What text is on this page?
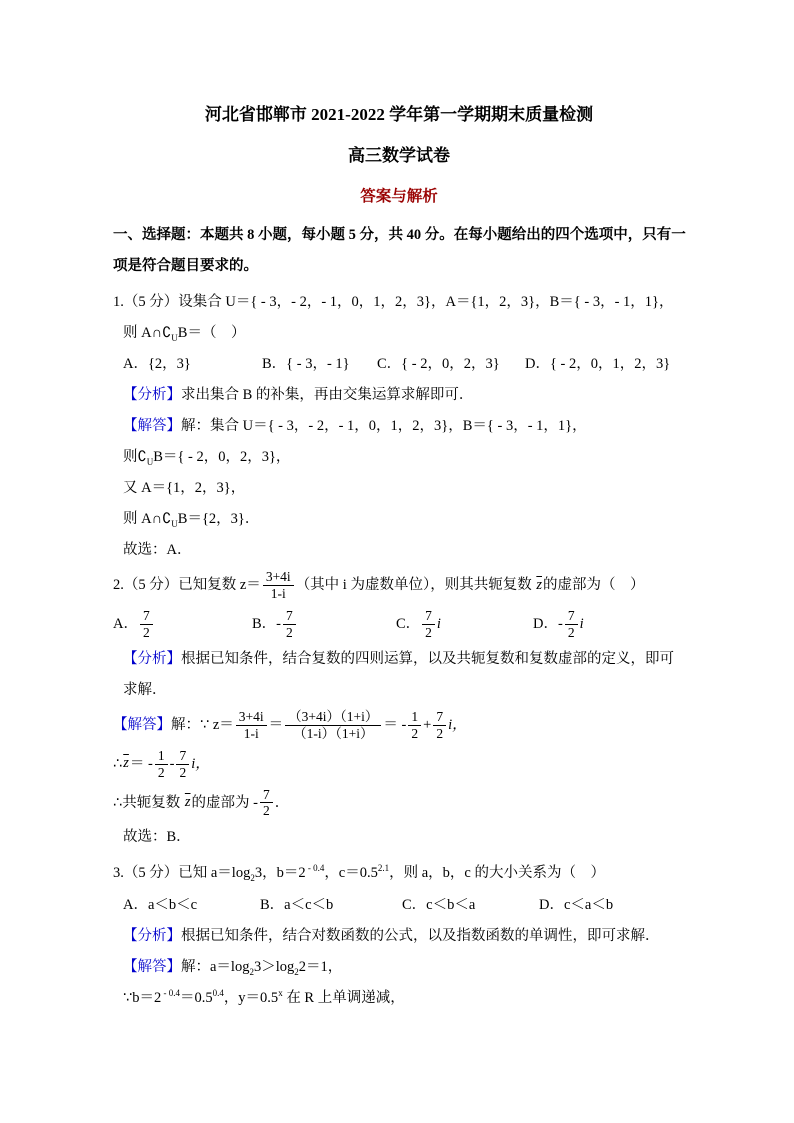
河北省邯郸市 2021-2022 学年第一学期期末质量检测

高三数学试卷

答案与解析

一、选择题：本题共 8 小题，每小题 5 分，共 40 分。在每小题给出的四个选项中，只有一

项是符合题目要求的。

1.（5 分）设集合 U＝{ - 3，- 2，- 1，0，1，2，3}，A＝{1，2，3}，B＝{ - 3，- 1，1}，

则 $A\cap∁_UB=$（    ）

A．{2，3}	B．{ - 3，- 1} C．{ - 2，0，2，3} D．{ - 2，0，1，2，3}

【分析】求出集合 B 的补集，再由交集运算求解即可．

【解答】解：集合 U＝{ - 3，- 2，- 1，0，1，2，3}，B＝{ - 3，- 1，1}，

则$∁_UB=\{ - 2$，0，2，3}，

又 A＝{1，2，3}，

则 $A\cap∁_UB=\{2$，3}．

故选：A．

2.（5 分）已知复数 $z= \frac{3+4i}{1-i}$ （其中 i 为虚数单位），则其共轭复数 $\overline{z}$的虚部为（    ）

A． $\frac{7}{2}$	B．- $\frac{7}{2}$	C． $\frac{7}{2}$ i	D．- $\frac{7}{2}$ i

【分析】根据已知条件，结合复数的四则运算，以及共轭复数和复数虚部的定义，即可

求解．

【解答】解：∵ $z= \frac{3+4i}{1-i} = \frac{(3+4i)(1+i)}{(1-i)(1+i)}$ ＝ - $\frac{1}{2} + \frac{7}{2}$ i，

$\therefore\overline{z}= - \frac{1}{2} - \frac{7}{2}$ i，

∴共轭复数 $\overline{z}$的虚部为 - $\frac{7}{2}$ ．

故选：B．

3.（5 分）已知 $a=\log_23$，b＝2 $^{- 0.4}$，$c=0.5^{2.1}$，则 a，b，c 的大小关系为（    ）

A．a＜b＜c	B．a＜c＜b	C．c＜b＜a	D．c＜a＜b

【分析】根据已知条件，结合对数函数的公式，以及指数函数的单调性，即可求解．

【解答】解：$a=\log_23>\log_22=1$，

∵b＝2 $^{- 0.4}=0.5^{0.4}$，$y=0.5^x$ 在 R 上单调递减，
